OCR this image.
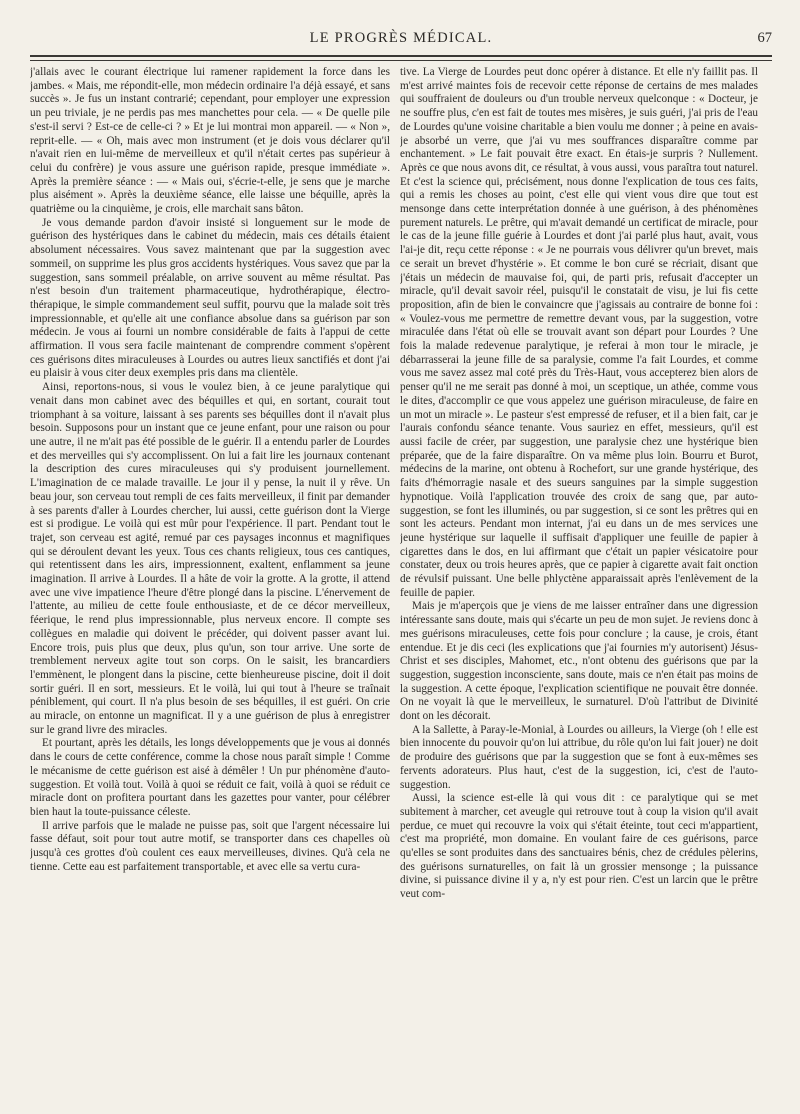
LE PROGRÈS MÉDICAL.	67

j'allais avec le courant électrique lui ramener rapidement la force dans les jambes. « Mais, me répondit-elle, mon médecin ordinaire l'a déjà essayé, et sans succès ». Je fus un instant contrarié; cependant, pour employer une expression un peu triviale, je ne perdis pas mes manchettes pour cela. — « De quelle pile s'est-il servi ? Est-ce de celle-ci ? » Et je lui montrai mon appareil. — « Non », reprit-elle. — « Oh, mais avec mon instrument (et je dois vous déclarer qu'il n'avait rien en lui-même de merveilleux et qu'il n'était certes pas supérieur à celui du confrère) je vous assure une guérison rapide, presque immédiate ». Après la première séance : — « Mais oui, s'écrie-t-elle, je sens que je marche plus aisément ». Après la deuxième séance, elle laisse une béquille, après la quatrième ou la cinquième, je crois, elle marchait sans bâton.

Je vous demande pardon d'avoir insisté si longuement sur le mode de guérison des hystériques dans le cabinet du médecin, mais ces détails étaient absolument nécessaires. Vous savez maintenant que par la suggestion avec sommeil, on supprime les plus gros accidents hystériques. Vous savez que par la suggestion, sans sommeil préalable, on arrive souvent au même résultat. Pas n'est besoin d'un traitement pharmaceutique, hydrothérapique, électro-thérapique, le simple commandement seul suffit, pourvu que la malade soit très impressionnable, et qu'elle ait une confiance absolue dans sa guérison par son médecin. Je vous ai fourni un nombre considérable de faits à l'appui de cette affirmation. Il vous sera facile maintenant de comprendre comment s'opèrent ces guérisons dites miraculeuses à Lourdes ou autres lieux sanctifiés et dont j'ai eu plaisir à vous citer deux exemples pris dans ma clientèle.

Ainsi, reportons-nous, si vous le voulez bien, à ce jeune paralytique qui venait dans mon cabinet avec des béquilles et qui, en sortant, courait tout triomphant à sa voiture, laissant à ses parents ses béquilles dont il n'avait plus besoin. Supposons pour un instant que ce jeune enfant, pour une raison ou pour une autre, il ne m'ait pas été possible de le guérir. Il a entendu parler de Lourdes et des merveilles qui s'y accomplissent. On lui a fait lire les journaux contenant la description des cures miraculeuses qui s'y produisent journellement. L'imagination de ce malade travaille. Le jour il y pense, la nuit il y rêve. Un beau jour, son cerveau tout rempli de ces faits merveilleux, il finit par demander à ses parents d'aller à Lourdes chercher, lui aussi, cette guérison dont la Vierge est si prodigue. Le voilà qui est mûr pour l'expérience. Il part. Pendant tout le trajet, son cerveau est agité, remué par ces paysages inconnus et magnifiques qui se déroulent devant les yeux. Tous ces chants religieux, tous ces cantiques, qui retentissent dans les airs, impressionnent, exaltent, enflamment sa jeune imagination. Il arrive à Lourdes. Il a hâte de voir la grotte. A la grotte, il attend avec une vive impatience l'heure d'être plongé dans la piscine. L'énervement de l'attente, au milieu de cette foule enthousiaste, et de ce décor merveilleux, féerique, le rend plus impressionnable, plus nerveux encore. Il compte ses collègues en maladie qui doivent le précéder, qui doivent passer avant lui. Encore trois, puis plus que deux, plus qu'un, son tour arrive. Une sorte de tremblement nerveux agite tout son corps. On le saisit, les brancardiers l'emmènent, le plongent dans la piscine, cette bienheureuse piscine, doit il doit sortir guéri. Il en sort, messieurs. Et le voilà, lui qui tout à l'heure se traînait péniblement, qui court. Il n'a plus besoin de ses béquilles, il est guéri. On crie au miracle, on entonne un magnificat. Il y a une guérison de plus à enregistrer sur le grand livre des miracles.

Et pourtant, après les détails, les longs développements que je vous ai donnés dans le cours de cette conférence, comme la chose nous paraît simple ! Comme le mécanisme de cette guérison est aisé à démêler ! Un pur phénomène d'auto-suggestion. Et voilà tout. Voilà à quoi se réduit ce fait, voilà à quoi se réduit ce miracle dont on profitera pourtant dans les gazettes pour vanter, pour célébrer bien haut la toute-puissance céleste.

Il arrive parfois que le malade ne puisse pas, soit que l'argent nécessaire lui fasse défaut, soit pour tout autre motif, se transporter dans ces chapelles où jusqu'à ces grottes d'où coulent ces eaux merveilleuses, divines. Qu'à cela ne tienne. Cette eau est parfaitement transportable, et avec elle sa vertu cura-

tive. La Vierge de Lourdes peut donc opérer à distance. Et elle n'y faillit pas. Il m'est arrivé maintes fois de recevoir cette réponse de certains de mes malades qui souffraient de douleurs ou d'un trouble nerveux quelconque : « Docteur, je ne souffre plus, c'en est fait de toutes mes misères, je suis guéri, j'ai pris de l'eau de Lourdes qu'une voisine charitable a bien voulu me donner ; à peine en avais-je absorbé un verre, que j'ai vu mes souffrances disparaître comme par enchantement. » Le fait pouvait être exact. En étais-je surpris ? Nullement. Après ce que nous avons dit, ce résultat, à vous aussi, vous paraîtra tout naturel. Et c'est la science qui, précisément, nous donne l'explication de tous ces faits, qui a remis les choses au point, c'est elle qui vient vous dire que tout est mensonge dans cette interprétation donnée à une guérison, à des phénomènes purement naturels. Le prêtre, qui m'avait demandé un certificat de miracle, pour le cas de la jeune fille guérie à Lourdes et dont j'ai parlé plus haut, avait, vous l'ai-je dit, reçu cette réponse : « Je ne pourrais vous délivrer qu'un brevet, mais ce serait un brevet d'hystérie ». Et comme le bon curé se récriait, disant que j'étais un médecin de mauvaise foi, qui, de parti pris, refusait d'accepter un miracle, qu'il devait savoir réel, puisqu'il le constatait de visu, je lui fis cette proposition, afin de bien le convaincre que j'agissais au contraire de bonne foi : « Voulez-vous me permettre de remettre devant vous, par la suggestion, votre miraculée dans l'état où elle se trouvait avant son départ pour Lourdes ? Une fois la malade redevenue paralytique, je referai à mon tour le miracle, je débarrasserai la jeune fille de sa paralysie, comme l'a fait Lourdes, et comme vous me savez assez mal coté près du Très-Haut, vous accepterez bien alors de penser qu'il ne me serait pas donné à moi, un sceptique, un athée, comme vous le dites, d'accomplir ce que vous appelez une guérison miraculeuse, de faire en un mot un miracle ». Le pasteur s'est empressé de refuser, et il a bien fait, car je l'aurais confondu séance tenante. Vous sauriez en effet, messieurs, qu'il est aussi facile de créer, par suggestion, une paralysie chez une hystérique bien préparée, que de la faire disparaître. On va même plus loin. Bourru et Burot, médecins de la marine, ont obtenu à Rochefort, sur une grande hystérique, des faits d'hémorragie nasale et des sueurs sanguines par la simple suggestion hypnotique. Voilà l'application trouvée des croix de sang que, par auto-suggestion, se font les illuminés, ou par suggestion, si ce sont les prêtres qui en sont les acteurs. Pendant mon internat, j'ai eu dans un de mes services une jeune hystérique sur laquelle il suffisait d'appliquer une feuille de papier à cigarettes dans le dos, en lui affirmant que c'était un papier vésicatoire pour constater, deux ou trois heures après, que ce papier à cigarette avait fait onction de révulsif puissant. Une belle phlyctène apparaissait après l'enlèvement de la feuille de papier.

Mais je m'aperçois que je viens de me laisser entraîner dans une digression intéressante sans doute, mais qui s'écarte un peu de mon sujet. Je reviens donc à mes guérisons miraculeuses, cette fois pour conclure ; la cause, je crois, étant entendue. Et je dis ceci (les explications que j'ai fournies m'y autorisent) Jésus-Christ et ses disciples, Mahomet, etc., n'ont obtenu des guérisons que par la suggestion, suggestion inconsciente, sans doute, mais ce n'en était pas moins de la suggestion. A cette époque, l'explication scientifique ne pouvait être donnée. On ne voyait là que le merveilleux, le surnaturel. D'où l'attribut de Divinité dont on les décorait.

A la Sallette, à Paray-le-Monial, à Lourdes ou ailleurs, la Vierge (oh ! elle est bien innocente du pouvoir qu'on lui attribue, du rôle qu'on lui fait jouer) ne doit de produire des guérisons que par la suggestion que se font à eux-mêmes ses fervents adorateurs. Plus haut, c'est de la suggestion, ici, c'est de l'auto-suggestion.

Aussi, la science est-elle là qui vous dit : ce paralytique qui se met subitement à marcher, cet aveugle qui retrouve tout à coup la vision qu'il avait perdue, ce muet qui recouvre la voix qui s'était éteinte, tout ceci m'appartient, c'est ma propriété, mon domaine. En voulant faire de ces guérisons, parce qu'elles se sont produites dans des sanctuaires bénis, chez de crédules pèlerins, des guérisons surnaturelles, on fait là un grossier mensonge ; la puissance divine, si puissance divine il y a, n'y est pour rien. C'est un larcin que le prêtre veut com-
